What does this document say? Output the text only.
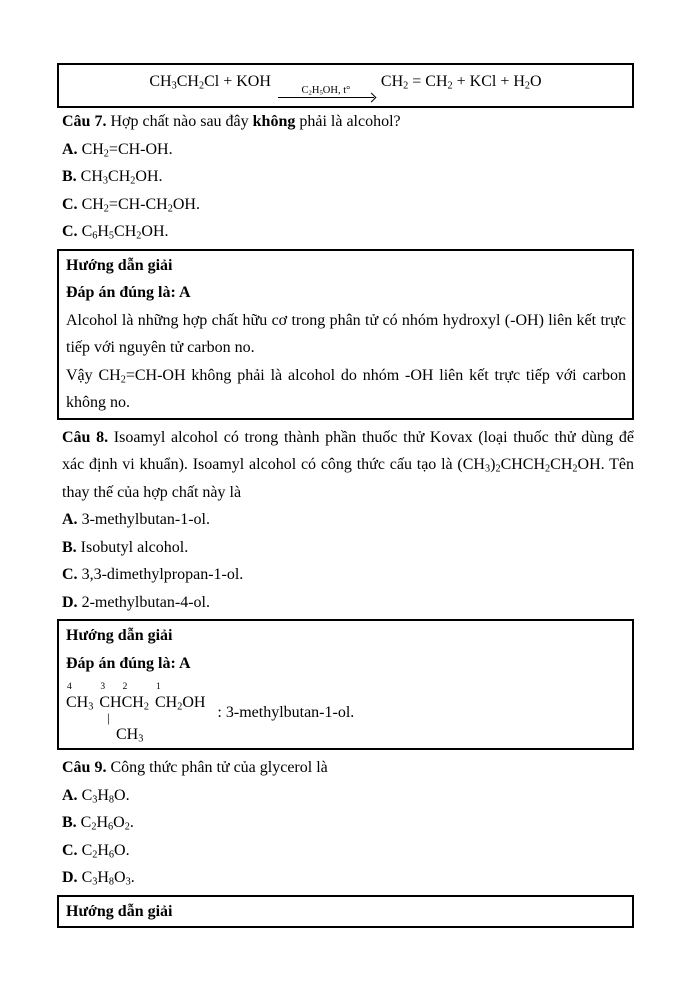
$CH_3CH_2Cl$ + KOH
$C_2H_5OH$, t°
$CH_2 = CH_2$ + KCl + $H_2O$

Câu 7. Hợp chất nào sau đây không phải là alcohol?

A. $CH_2=CH-OH$.

B. $CH_3CH_2OH$.

C. $CH_2=CH-CH_2OH$.

C. $C_6H_5CH_2OH$.

Hướng dẫn giải

Đáp án đúng là: A

Alcohol là những hợp chất hữu cơ trong phân tử có nhóm hydroxyl (-OH) liên kết trực tiếp với nguyên tử carbon no.

Vậy $CH_2=CH-OH$ không phải là alcohol do nhóm -OH liên kết trực tiếp với carbon không no.

Câu 8. Isoamyl alcohol có trong thành phần thuốc thử Kovax (loại thuốc thử dùng để xác định vi khuẩn). Isoamyl alcohol có công thức cấu tạo là $(CH_3)_2CHCH_2CH_2OH$. Tên thay thế của hợp chất này là

A. 3-methylbutan-1-ol.

B. Isobutyl alcohol.

C. 3,3-dimethylpropan-1-ol.

D. 2-methylbutan-4-ol.

Hướng dẫn giải

Đáp án đúng là: A

4
$CH_3$
3
CH
2
$CH_2$
1
$CH_2OH$
|
$CH_3$
: 3-methylbutan-1-ol.

Câu 9. Công thức phân tử của glycerol là

A. $C_3H_8O$.

B. $C_2H_6O_2$.

C. $C_2H_6O$.

D. $C_3H_8O_3$.

Hướng dẫn giải
